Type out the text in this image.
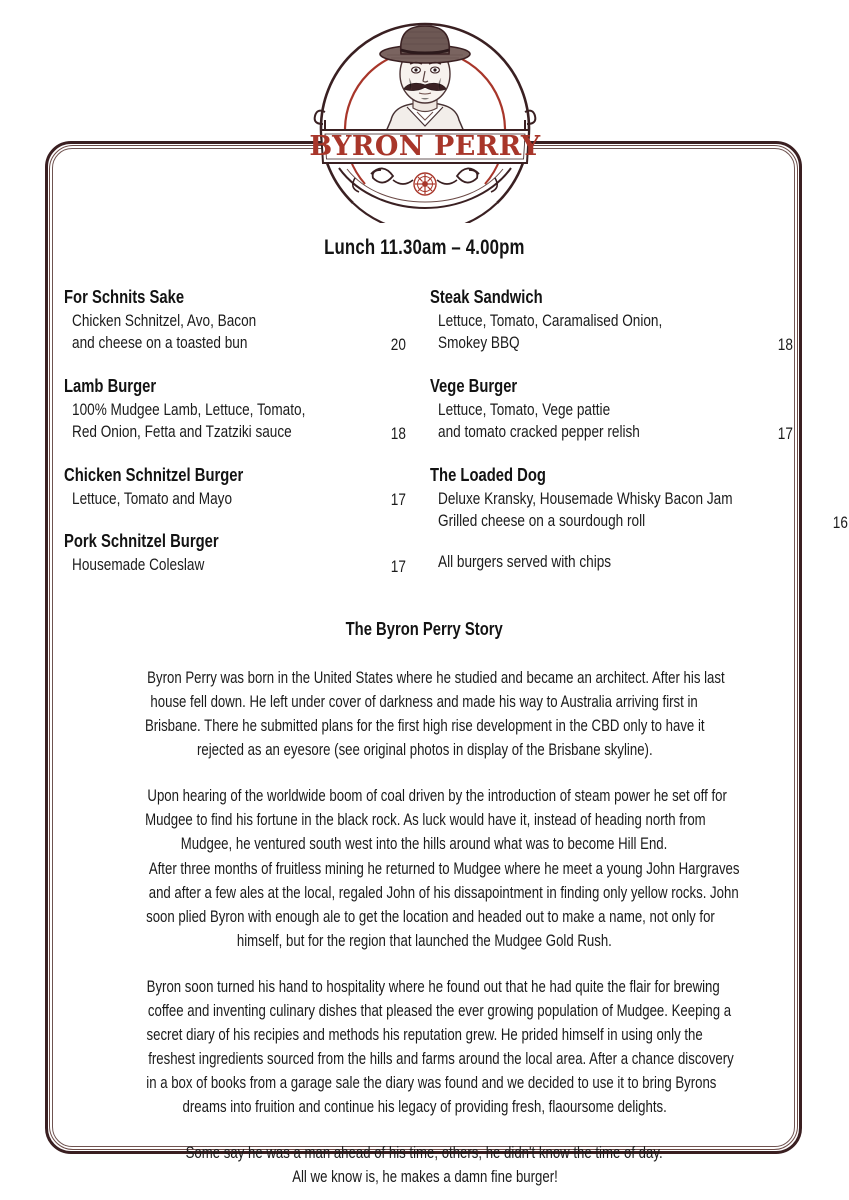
BYRON PERRY
Lunch 11.30am – 4.00pm
For Schnits Sake
Chicken Schnitzel, Avo, Bacon
and cheese on a toasted bun	20
Lamb Burger
100% Mudgee Lamb, Lettuce, Tomato,
Red Onion, Fetta and Tzatziki sauce	18
Chicken Schnitzel Burger
Lettuce, Tomato and Mayo	17
Pork Schnitzel Burger
Housemade Coleslaw	17
Steak Sandwich
Lettuce, Tomato, Caramalised Onion,
Smokey BBQ	18
Vege Burger
Lettuce, Tomato, Vege pattie
and tomato cracked pepper relish	17
The Loaded Dog
Deluxe Kransky, Housemade Whisky Bacon Jam
Grilled cheese on a sourdough roll	16
All burgers served with chips
The Byron Perry Story
Byron Perry was born in the United States where he studied and became an architect. After his last
house fell down. He left under cover of darkness and made his way to Australia arriving first in
Brisbane. There he submitted plans for the first high rise development in the CBD only to have it
rejected as an eyesore (see original photos in display of the Brisbane skyline).
Upon hearing of the worldwide boom of coal driven by the introduction of steam power he set off for
Mudgee to find his fortune in the black rock. As luck would have it, instead of heading north from
Mudgee, he ventured south west into the hills around what was to become Hill End.
After three months of fruitless mining he returned to Mudgee where he meet a young John Hargraves
and after a few ales at the local, regaled John of his dissapointment in finding only yellow rocks. John
soon plied Byron with enough ale to get the location and headed out to make a name, not only for
himself, but for the region that launched the Mudgee Gold Rush.
Byron soon turned his hand to hospitality where he found out that he had quite the flair for brewing
coffee and inventing culinary dishes that pleased the ever growing population of Mudgee. Keeping a
secret diary of his recipies and methods his reputation grew. He prided himself in using only the
freshest ingredients sourced from the hills and farms around the local area. After a chance discovery
in a box of books from a garage sale the diary was found and we decided to use it to bring Byrons
dreams into fruition and continue his legacy of providing fresh, flaoursome delights.
Some say he was a man ahead of his time, others, he didn't know the time of day.
All we know is, he makes a damn fine burger!
